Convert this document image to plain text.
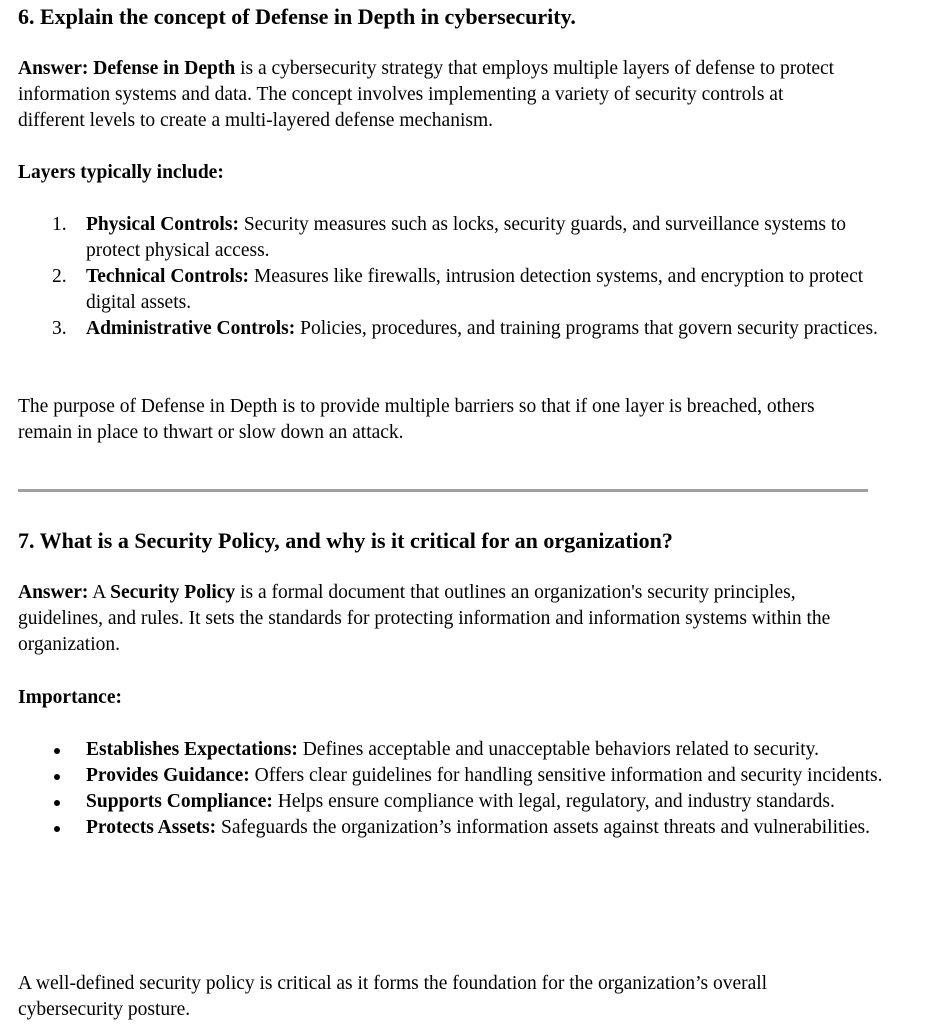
6. Explain the concept of Defense in Depth in cybersecurity.

Answer: Defense in Depth is a cybersecurity strategy that employs multiple layers of defense to protect information systems and data. The concept involves implementing a variety of security controls at different levels to create a multi-layered defense mechanism.

Layers typically include:

1. Physical Controls: Security measures such as locks, security guards, and surveillance systems to protect physical access.
2. Technical Controls: Measures like firewalls, intrusion detection systems, and encryption to protect digital assets.
3. Administrative Controls: Policies, procedures, and training programs that govern security practices.

The purpose of Defense in Depth is to provide multiple barriers so that if one layer is breached, others remain in place to thwart or slow down an attack.

7. What is a Security Policy, and why is it critical for an organization?

Answer: A Security Policy is a formal document that outlines an organization's security principles, guidelines, and rules. It sets the standards for protecting information and information systems within the organization.

Importance:

Establishes Expectations: Defines acceptable and unacceptable behaviors related to security.
Provides Guidance: Offers clear guidelines for handling sensitive information and security incidents.
Supports Compliance: Helps ensure compliance with legal, regulatory, and industry standards.
Protects Assets: Safeguards the organization’s information assets against threats and vulnerabilities.

A well-defined security policy is critical as it forms the foundation for the organization’s overall cybersecurity posture.
